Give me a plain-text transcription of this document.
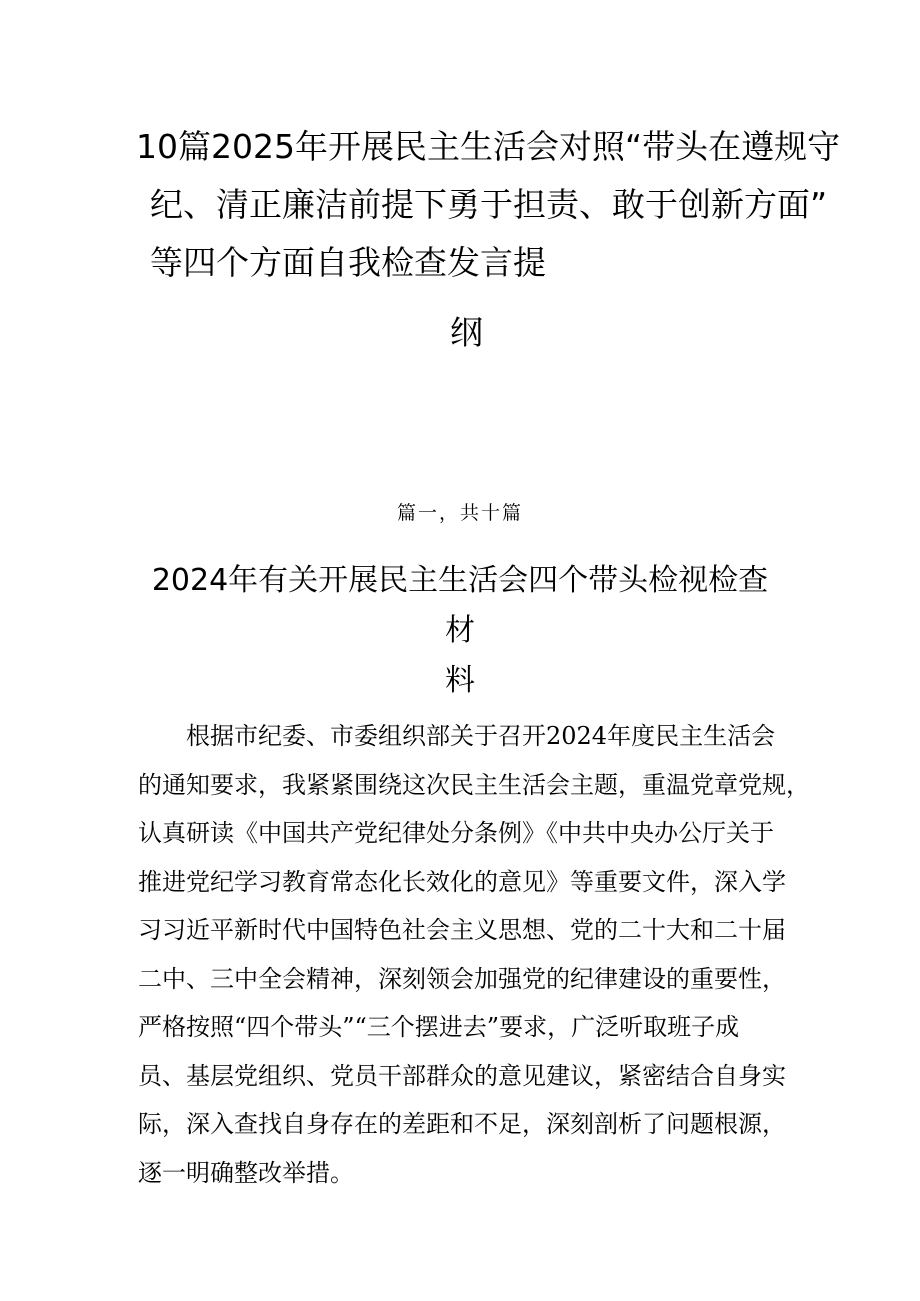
10篇2025年开展民主生活会对照“带头在遵规守
纪、清正廉洁前提下勇于担责、敢于创新方面”
等四个方面自我检查发言提
纲
篇一，共十篇
2024年有关开展民主生活会四个带头检视检查
材
料
根据市纪委、市委组织部关于召开2024年度民主生活会
的通知要求，我紧紧围绕这次民主生活会主题，重温党章党规，
认真研读《中国共产党纪律处分条例》《中共中央办公厅关于
推进党纪学习教育常态化长效化的意见》等重要文件，深入学
习习近平新时代中国特色社会主义思想、党的二十大和二十届
二中、三中全会精神，深刻领会加强党的纪律建设的重要性，
严格按照“四个带头”“三个摆进去”要求，广泛听取班子成
员、基层党组织、党员干部群众的意见建议，紧密结合自身实
际，深入查找自身存在的差距和不足，深刻剖析了问题根源，
逐一明确整改举措。
